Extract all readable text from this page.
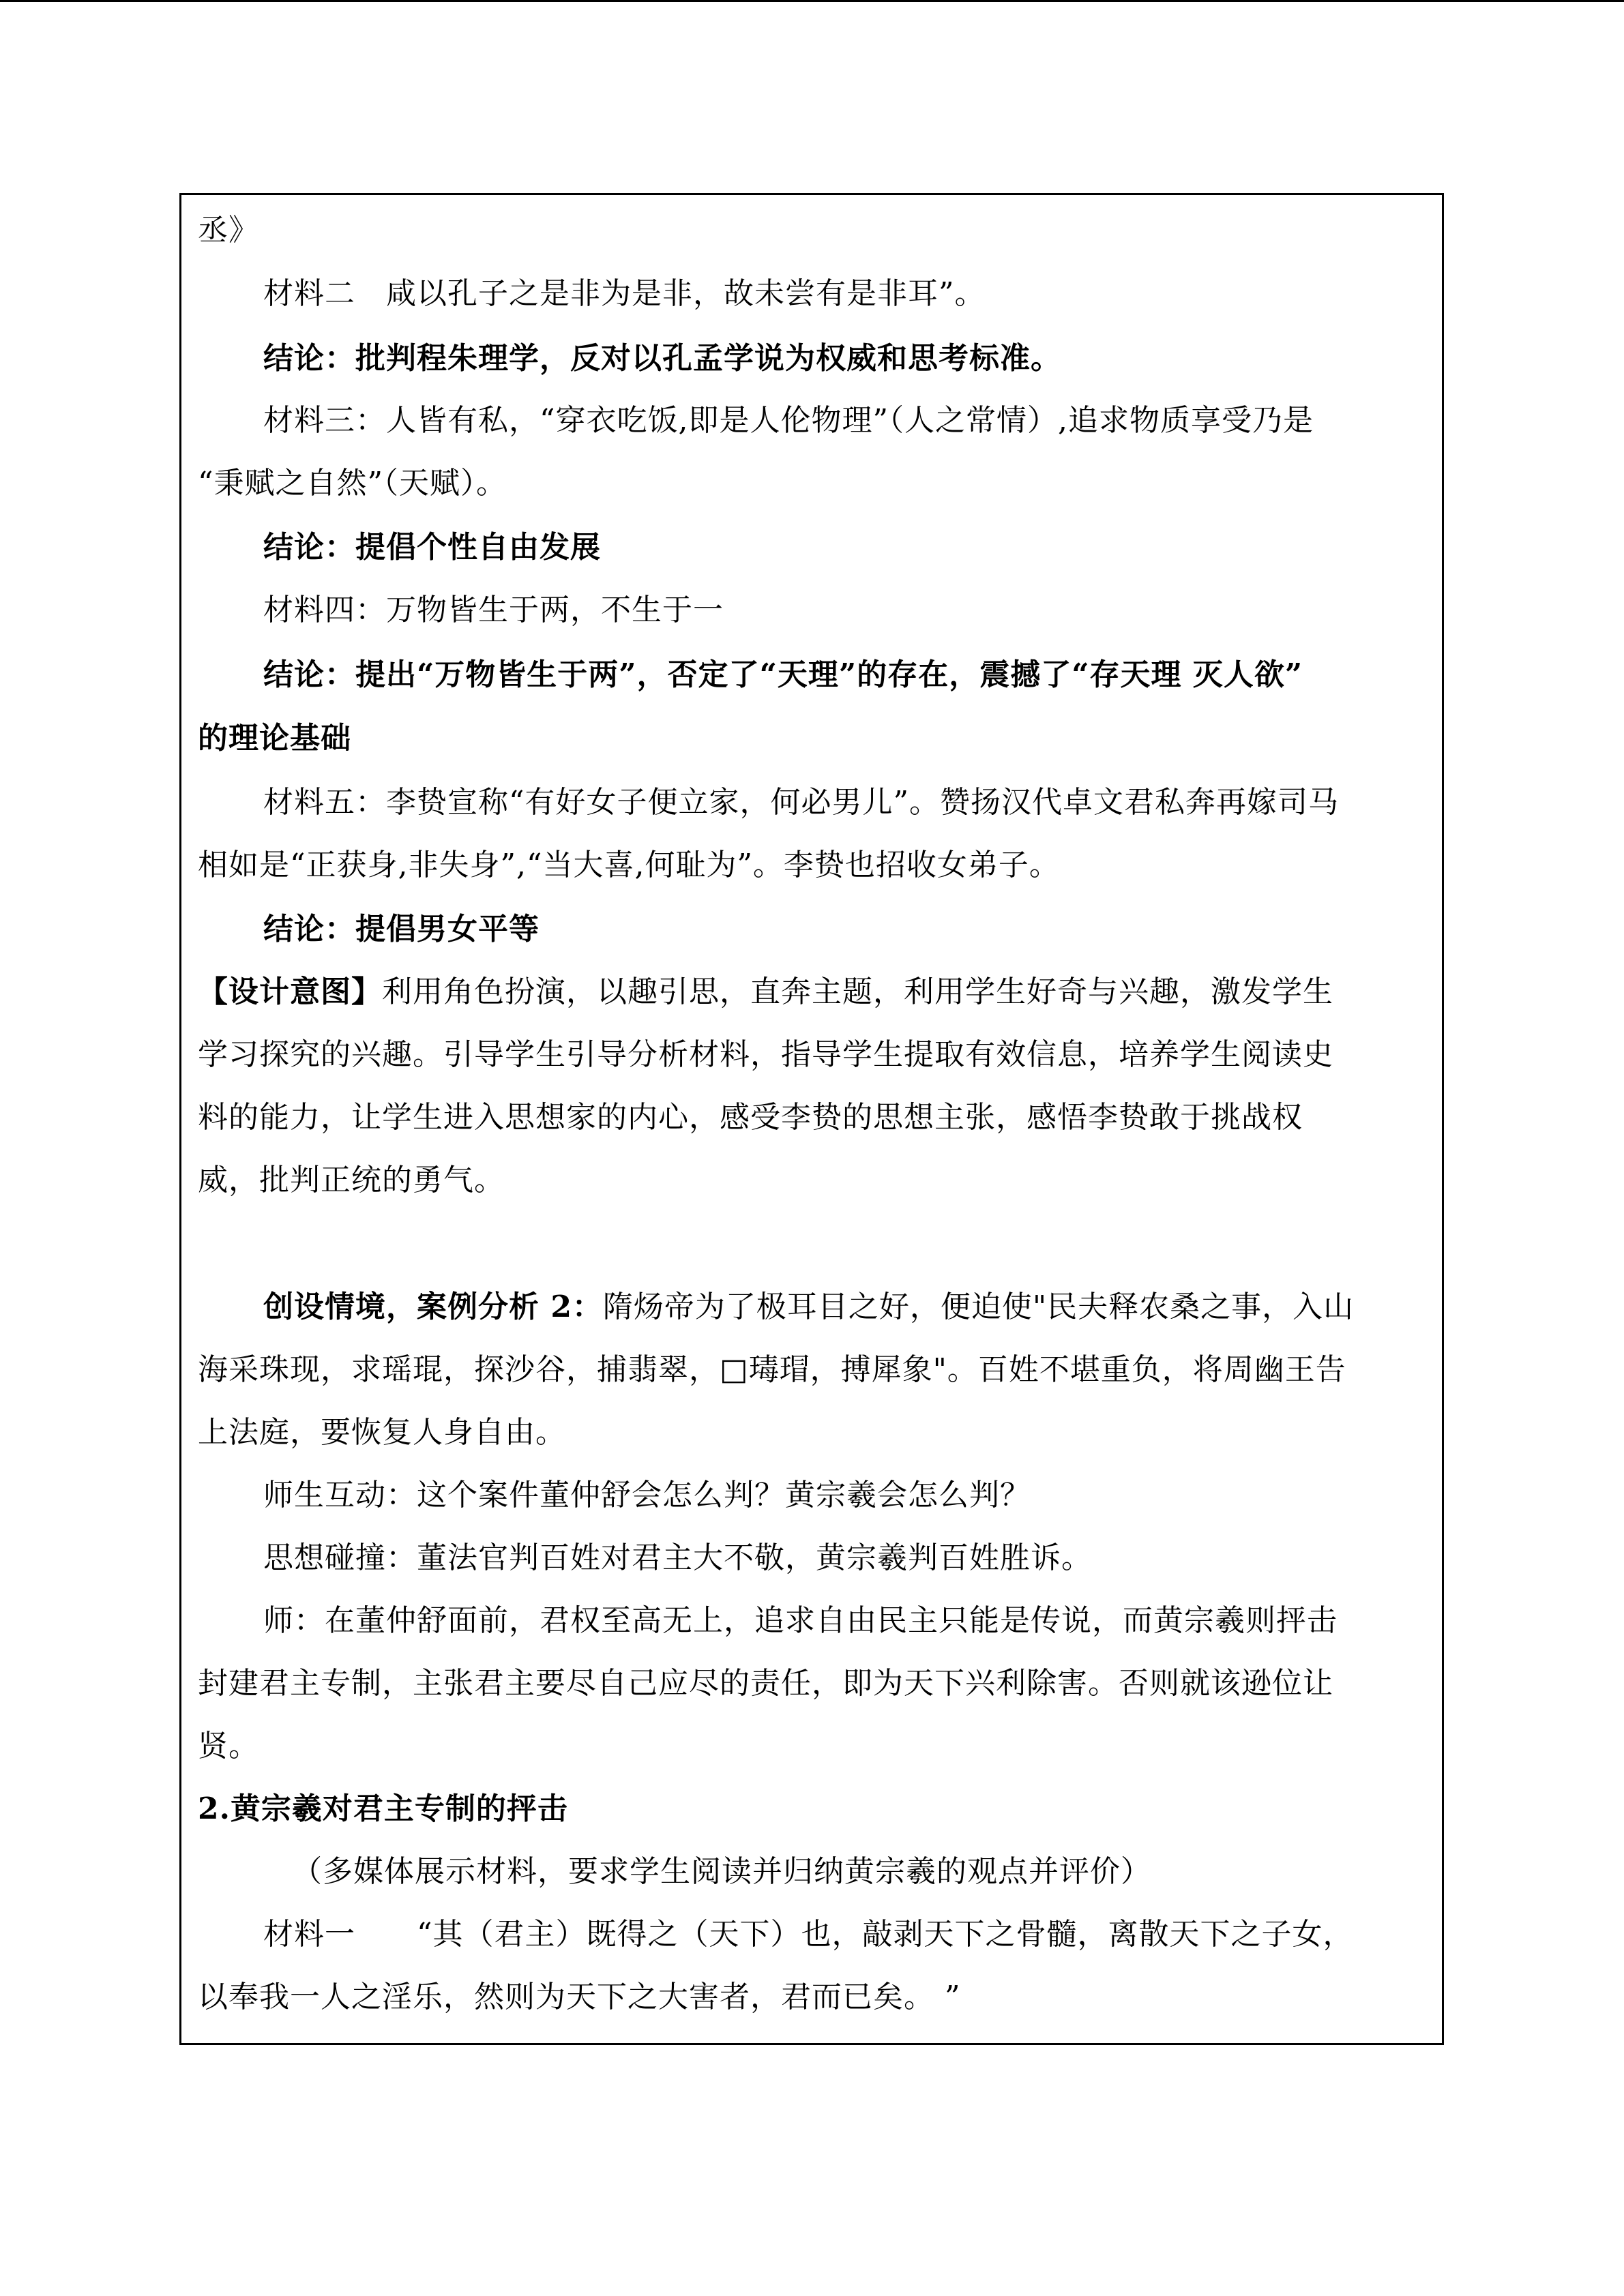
丞》

材料二　咸以孔子之是非为是非，故未尝有是非耳”。

结论：批判程朱理学，反对以孔孟学说为权威和思考标准。

材料三：人皆有私，“穿衣吃饭,即是人伦物理”（人之常情）,追求物质享受乃是

“秉赋之自然”（天赋）。

结论：提倡个性自由发展

材料四：万物皆生于两，不生于一

结论：提出“万物皆生于两”，否定了“天理”的存在，震撼了“存天理 灭人欲”

的理论基础

材料五：李贽宣称“有好女子便立家，何必男儿”。赞扬汉代卓文君私奔再嫁司马

相如是“正获身,非失身”,“当大喜,何耻为”。李贽也招收女弟子。

结论：提倡男女平等

【设计意图】利用角色扮演，以趣引思，直奔主题，利用学生好奇与兴趣，激发学生

学习探究的兴趣。引导学生引导分析材料，指导学生提取有效信息，培养学生阅读史

料的能力，让学生进入思想家的内心，感受李贽的思想主张，感悟李贽敢于挑战权

威，批判正统的勇气。

创设情境，案例分析 2：隋炀帝为了极耳目之好，便迫使"民夫释农桑之事，入山

海采珠现，求瑶琨，探沙谷，捕翡翠，□瑇瑁，搏犀象"。百姓不堪重负，将周幽王告

上法庭，要恢复人身自由。

师生互动：这个案件董仲舒会怎么判？黄宗羲会怎么判？

思想碰撞：董法官判百姓对君主大不敬，黄宗羲判百姓胜诉。

师：在董仲舒面前，君权至高无上，追求自由民主只能是传说，而黄宗羲则抨击

封建君主专制，主张君主要尽自己应尽的责任，即为天下兴利除害。否则就该逊位让

贤。

2.黄宗羲对君主专制的抨击

（多媒体展示材料，要求学生阅读并归纳黄宗羲的观点并评价）

材料一　　“其（君主）既得之（天下）也，敲剥天下之骨髓，离散天下之子女，

以奉我一人之淫乐，然则为天下之大害者，君而已矣。 ”
